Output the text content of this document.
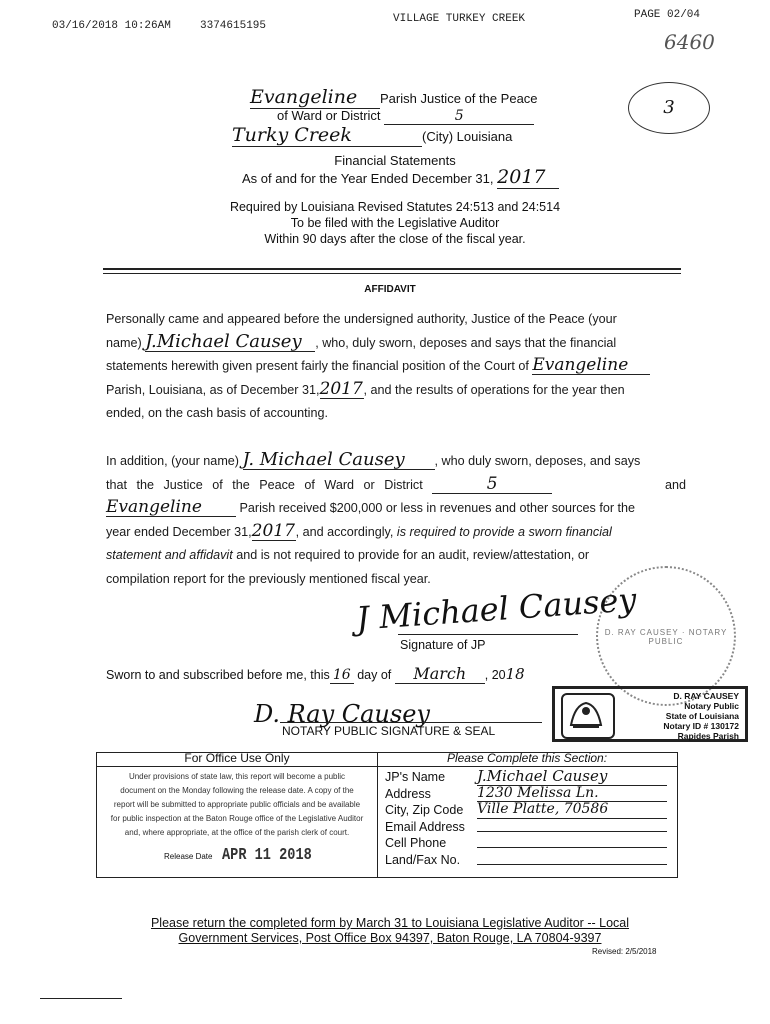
03/16/2018 10:26AM	3374615195
VILLAGE TURKEY CREEK	PAGE 02/04
6460
3
Evangeline Parish Justice of the Peace
of Ward or District	5
Turky Creek	(City) Louisiana
Financial Statements
As of and for the Year Ended December 31, 2017
Required by Louisiana Revised Statutes 24:513 and 24:514
To be filed with the Legislative Auditor
Within 90 days after the close of the fiscal year.
AFFIDAVIT
Personally came and appeared before the undersigned authority, Justice of the Peace (your
name) J.Michael Causey , who, duly sworn, deposes and says that the financial
statements herewith given present fairly the financial position of the Court of Evangeline
Parish, Louisiana, as of December 31,2017, and the results of operations for the year then
ended, on the cash basis of accounting.
In addition, (your name) J. Michael Causey , who duly sworn, deposes, and says
that the Justice of the Peace of Ward or District	5	and
Evangeline	Parish received $200,000 or less in revenues and other sources for the
year ended December 31,2017, and accordingly, is required to provide a sworn financial
statement and affidavit and is not required to provide for an audit, review/attestation, or
compilation report for the previously mentioned fiscal year.
D. RAY CAUSEY · NOTARY PUBLIC
J Michael Causey
Signature of JP
Sworn to and subscribed before me, this 16 day of March , 2018
D. Ray Causey
NOTARY PUBLIC SIGNATURE & SEAL
D. RAY CAUSEY
Notary Public
State of Louisiana
Notary ID # 130172
Rapides Parish
For Office Use Only
Under provisions of state law, this report will become a public
document on the Monday following the release date. A copy of the
report will be submitted to appropriate public officials and be available
for public inspection at the Baton Rouge office of the Legislative Auditor
and, where appropriate, at the office of the parish clerk of court.
Release Date APR 11 2018
Please Complete this Section:
JP's Name	J.Michael Causey
Address	1230 Melissa Ln.
City, Zip Code Ville Platte, 70586
Email Address
Cell Phone
Land/Fax No.
Please return the completed form by March 31 to Louisiana Legislative Auditor -- Local
Government Services, Post Office Box 94397, Baton Rouge, LA 70804-9397
Revised: 2/5/2018
